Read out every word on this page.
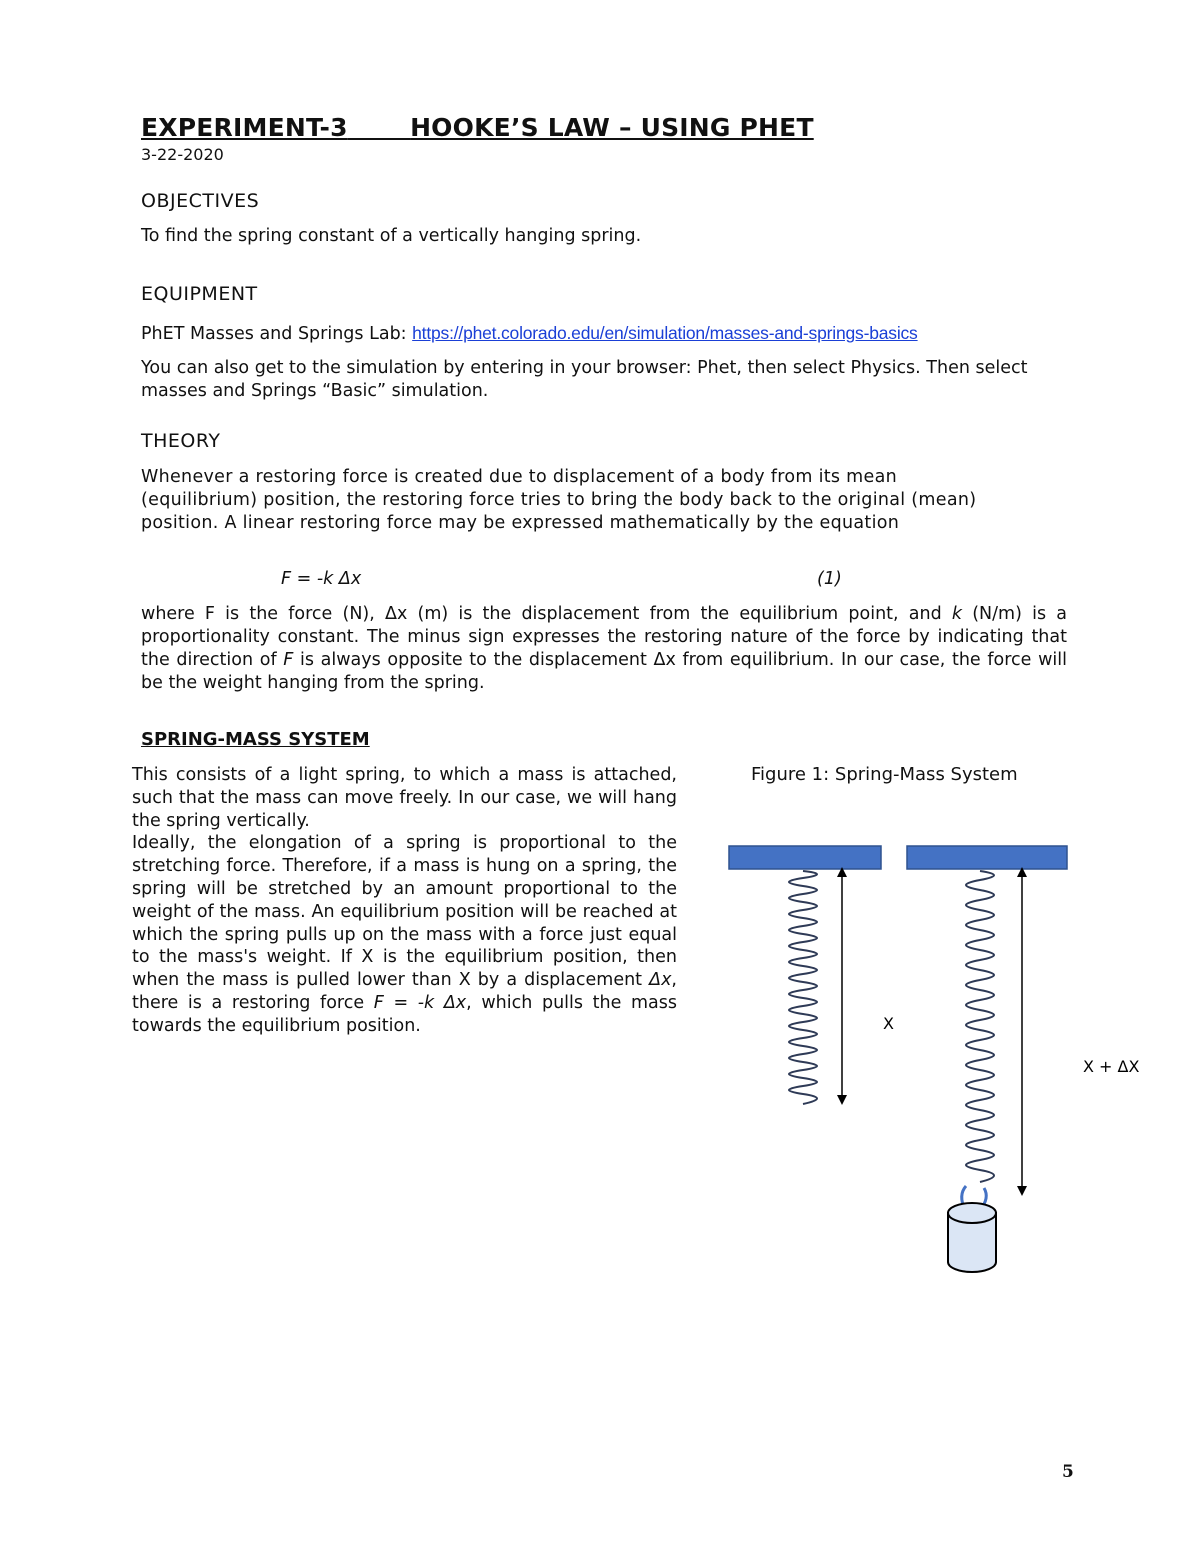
EXPERIMENT-3 HOOKE’S LAW – USING PHET
3-22-2020
OBJECTIVES
To find the spring constant of a vertically hanging spring.
EQUIPMENT
PhET Masses and Springs Lab: https://phet.colorado.edu/en/simulation/masses-and-springs-basics
You can also get to the simulation by entering in your browser: Phet, then select Physics. Then select masses and Springs “Basic” simulation.
THEORY
Whenever a restoring force is created due to displacement of a body from its mean (equilibrium) position, the restoring force tries to bring the body back to the original (mean) position. A linear restoring force may be expressed mathematically by the equation
F = -k Δx	(1)
where F is the force (N), Δx (m) is the displacement from the equilibrium point, and k (N/m) is a proportionality constant. The minus sign expresses the restoring nature of the force by indicating that the direction of F is always opposite to the displacement Δx from equilibrium. In our case, the force will be the weight hanging from the spring.
SPRING-MASS SYSTEM
This consists of a light spring, to which a mass is attached, such that the mass can move freely. In our case, we will hang the spring vertically.
Ideally, the elongation of a spring is proportional to the stretching force. Therefore, if a mass is hung on a spring, the spring will be stretched by an amount proportional to the weight of the mass. An equilibrium position will be reached at which the spring pulls up on the mass with a force just equal to the mass's weight. If X is the equilibrium position, then when the mass is pulled lower than X by a displacement Δx, there is a restoring force F = -k Δx, which pulls the mass towards the equilibrium position.
Figure 1: Spring-Mass System
X
X + ΔX
5
